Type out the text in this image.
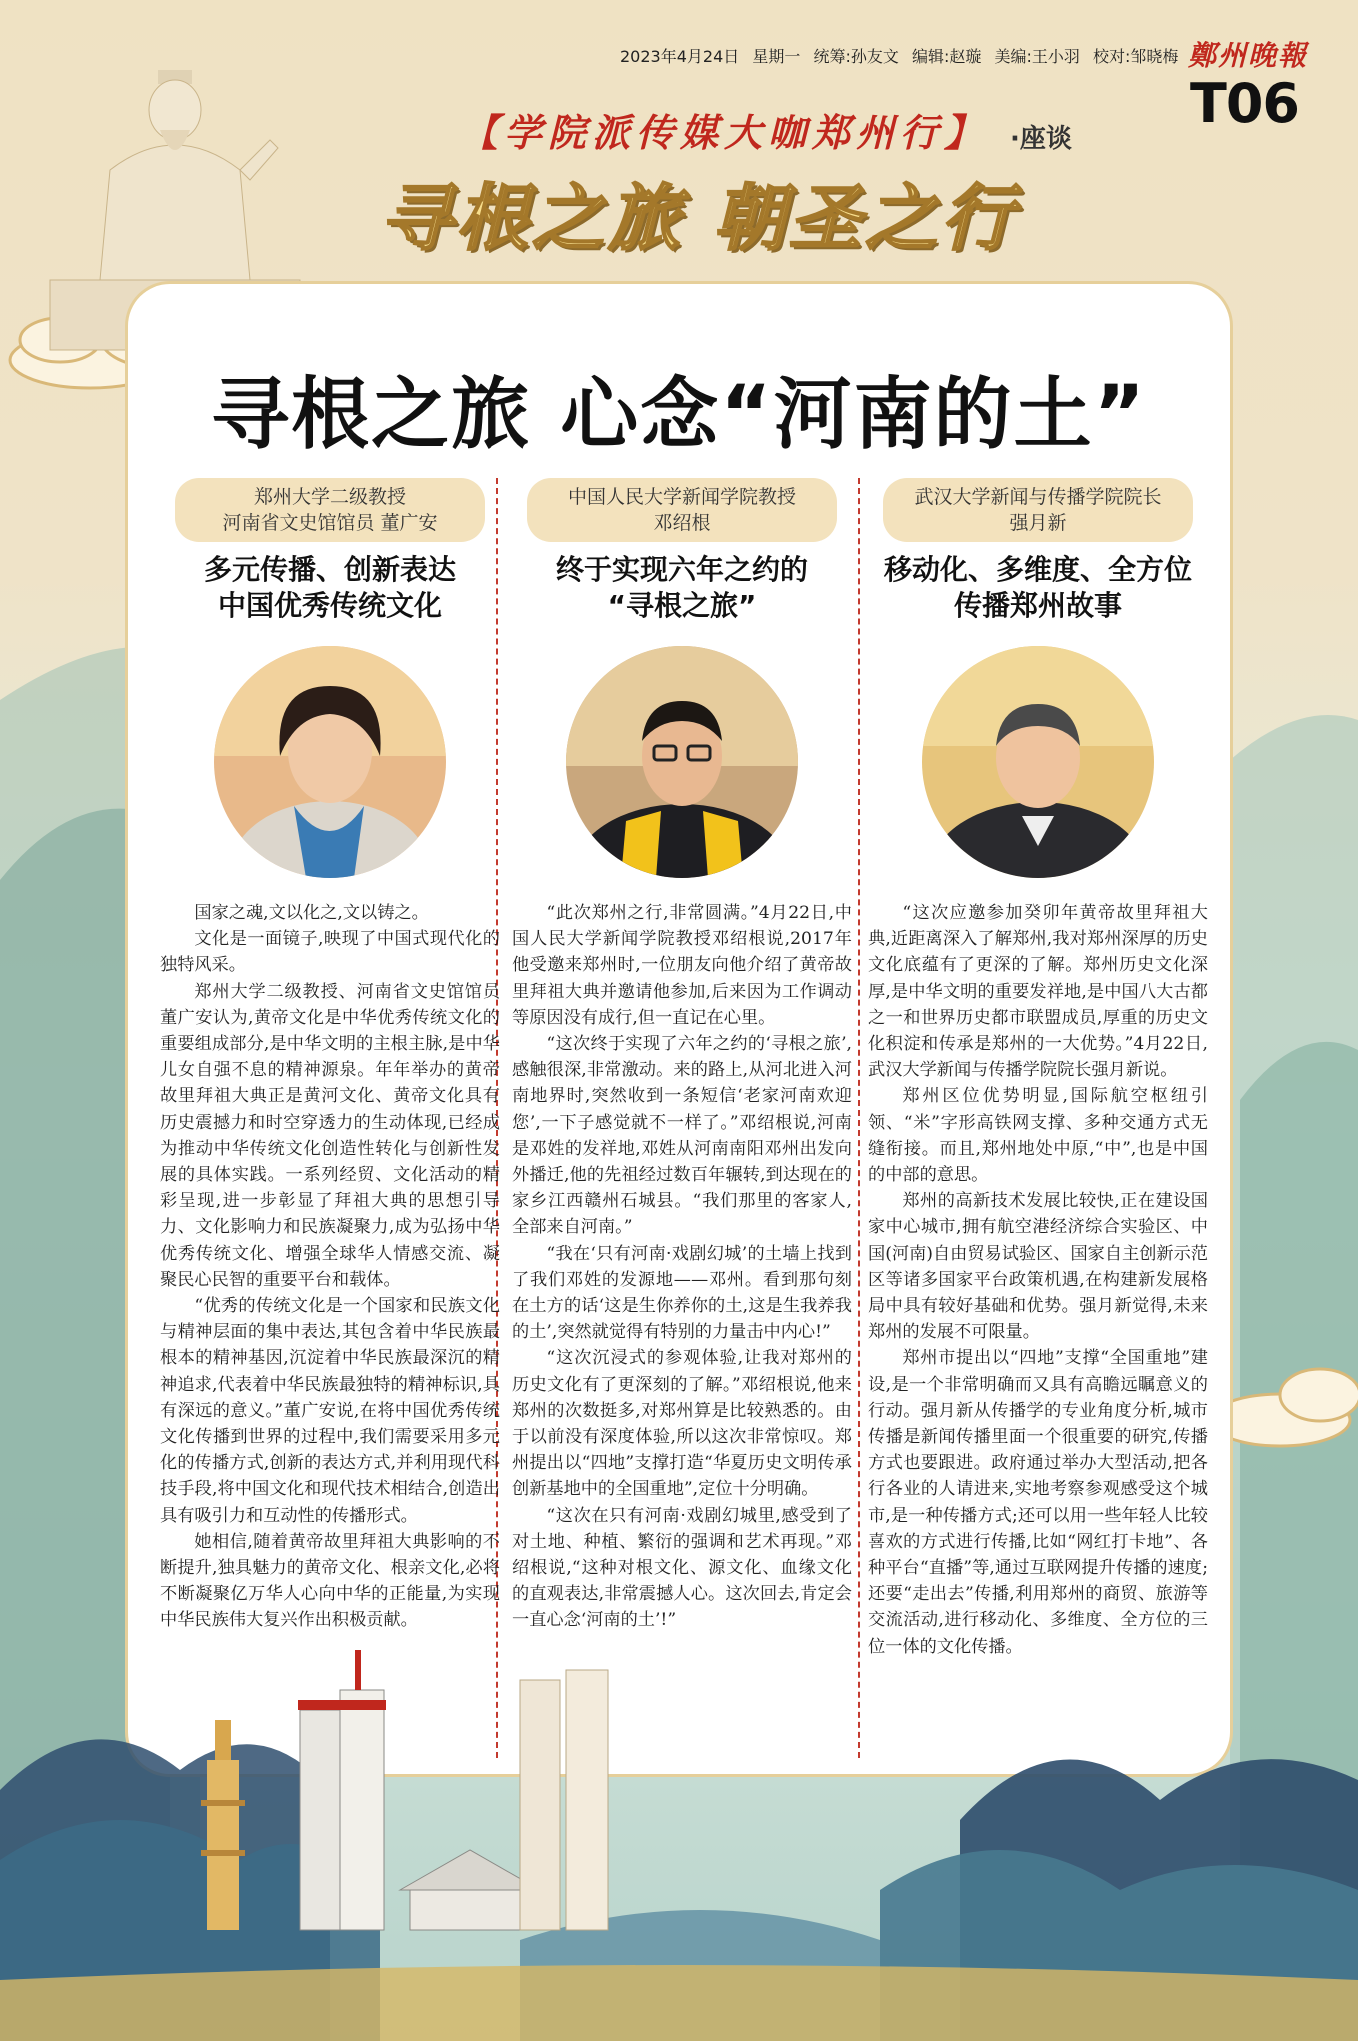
2023年4月24日 星期一 统筹:孙友文 编辑:赵璇 美编:王小羽 校对:邹晓梅 鄭州晚報
T06
【学院派传媒大咖郑州行】 ·座谈
寻根之旅 朝圣之行
寻根之旅 心念“河南的土”
郑州大学二级教授
河南省文史馆馆员 董广安
多元传播、创新表达
中国优秀传统文化

国家之魂,文以化之,文以铸之。

文化是一面镜子,映现了中国式现代化的独特风采。

郑州大学二级教授、河南省文史馆馆员董广安认为,黄帝文化是中华优秀传统文化的重要组成部分,是中华文明的主根主脉,是中华儿女自强不息的精神源泉。年年举办的黄帝故里拜祖大典正是黄河文化、黄帝文化具有历史震撼力和时空穿透力的生动体现,已经成为推动中华传统文化创造性转化与创新性发展的具体实践。一系列经贸、文化活动的精彩呈现,进一步彰显了拜祖大典的思想引导力、文化影响力和民族凝聚力,成为弘扬中华优秀传统文化、增强全球华人情感交流、凝聚民心民智的重要平台和载体。

“优秀的传统文化是一个国家和民族文化与精神层面的集中表达,其包含着中华民族最根本的精神基因,沉淀着中华民族最深沉的精神追求,代表着中华民族最独特的精神标识,具有深远的意义。”董广安说,在将中国优秀传统文化传播到世界的过程中,我们需要采用多元化的传播方式,创新的表达方式,并利用现代科技手段,将中国文化和现代技术相结合,创造出具有吸引力和互动性的传播形式。

她相信,随着黄帝故里拜祖大典影响的不断提升,独具魅力的黄帝文化、根亲文化,必将不断凝聚亿万华人心向中华的正能量,为实现中华民族伟大复兴作出积极贡献。

中国人民大学新闻学院教授
邓绍根
终于实现六年之约的
“寻根之旅”

“此次郑州之行,非常圆满。”4月22日,中国人民大学新闻学院教授邓绍根说,2017年他受邀来郑州时,一位朋友向他介绍了黄帝故里拜祖大典并邀请他参加,后来因为工作调动等原因没有成行,但一直记在心里。

“这次终于实现了六年之约的‘寻根之旅’,感触很深,非常激动。来的路上,从河北进入河南地界时,突然收到一条短信‘老家河南欢迎您’,一下子感觉就不一样了。”邓绍根说,河南是邓姓的发祥地,邓姓从河南南阳邓州出发向外播迁,他的先祖经过数百年辗转,到达现在的家乡江西赣州石城县。“我们那里的客家人,全部来自河南。”

“我在‘只有河南·戏剧幻城’的土墙上找到了我们邓姓的发源地——邓州。看到那句刻在土方的话‘这是生你养你的土,这是生我养我的土’,突然就觉得有特别的力量击中内心!”

“这次沉浸式的参观体验,让我对郑州的历史文化有了更深刻的了解。”邓绍根说,他来郑州的次数挺多,对郑州算是比较熟悉的。由于以前没有深度体验,所以这次非常惊叹。郑州提出以“四地”支撑打造“华夏历史文明传承创新基地中的全国重地”,定位十分明确。

“这次在只有河南·戏剧幻城里,感受到了对土地、种植、繁衍的强调和艺术再现。”邓绍根说,“这种对根文化、源文化、血缘文化的直观表达,非常震撼人心。这次回去,肯定会一直心念‘河南的土’!”

武汉大学新闻与传播学院院长
强月新
移动化、多维度、全方位
传播郑州故事

“这次应邀参加癸卯年黄帝故里拜祖大典,近距离深入了解郑州,我对郑州深厚的历史文化底蕴有了更深的了解。郑州历史文化深厚,是中华文明的重要发祥地,是中国八大古都之一和世界历史都市联盟成员,厚重的历史文化积淀和传承是郑州的一大优势。”4月22日,武汉大学新闻与传播学院院长强月新说。

郑州区位优势明显,国际航空枢纽引领、“米”字形高铁网支撑、多种交通方式无缝衔接。而且,郑州地处中原,“中”,也是中国的中部的意思。

郑州的高新技术发展比较快,正在建设国家中心城市,拥有航空港经济综合实验区、中国(河南)自由贸易试验区、国家自主创新示范区等诸多国家平台政策机遇,在构建新发展格局中具有较好基础和优势。强月新觉得,未来郑州的发展不可限量。

郑州市提出以“四地”支撑“全国重地”建设,是一个非常明确而又具有高瞻远瞩意义的行动。强月新从传播学的专业角度分析,城市传播是新闻传播里面一个很重要的研究,传播方式也要跟进。政府通过举办大型活动,把各行各业的人请进来,实地考察参观感受这个城市,是一种传播方式;还可以用一些年轻人比较喜欢的方式进行传播,比如“网红打卡地”、各种平台“直播”等,通过互联网提升传播的速度;还要“走出去”传播,利用郑州的商贸、旅游等交流活动,进行移动化、多维度、全方位的三位一体的文化传播。
